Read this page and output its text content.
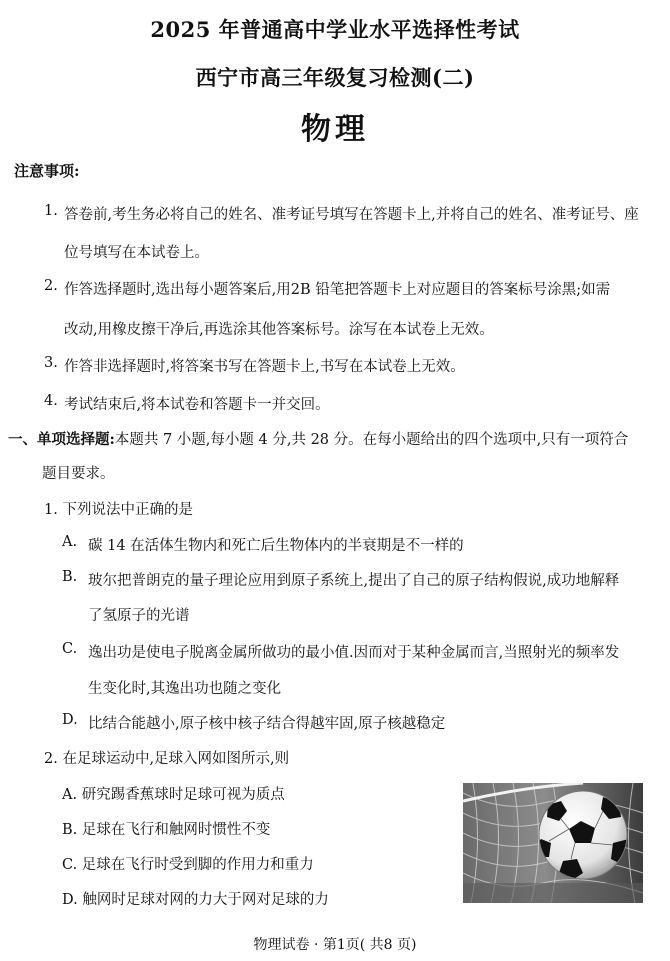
2025 年普通高中学业水平选择性考试
西宁市高三年级复习检测(二)
物理
注意事项:
1. 答卷前,考生务必将自己的姓名、准考证号填写在答题卡上,并将自己的姓名、准考证号、座
位号填写在本试卷上。
2. 作答选择题时,选出每小题答案后,用2B 铅笔把答题卡上对应题目的答案标号涂黑;如需
改动,用橡皮擦干净后,再选涂其他答案标号。涂写在本试卷上无效。
3. 作答非选择题时,将答案书写在答题卡上,书写在本试卷上无效。
4. 考试结束后,将本试卷和答题卡一并交回。
一、单项选择题:本题共 7 小题,每小题 4 分,共 28 分。在每小题给出的四个选项中,只有一项符合
题目要求。
1. 下列说法中正确的是
A. 碳 14 在活体生物内和死亡后生物体内的半衰期是不一样的
B. 玻尔把普朗克的量子理论应用到原子系统上,提出了自己的原子结构假说,成功地解释
了氢原子的光谱
C. 逸出功是使电子脱离金属所做功的最小值.因而对于某种金属而言,当照射光的频率发
生变化时,其逸出功也随之变化
D. 比结合能越小,原子核中核子结合得越牢固,原子核越稳定
2. 在足球运动中,足球入网如图所示,则
A. 研究踢香蕉球时足球可视为质点
B. 足球在飞行和触网时惯性不变
C. 足球在飞行时受到脚的作用力和重力
D. 触网时足球对网的力大于网对足球的力
物理试卷 · 第1页( 共8 页)
